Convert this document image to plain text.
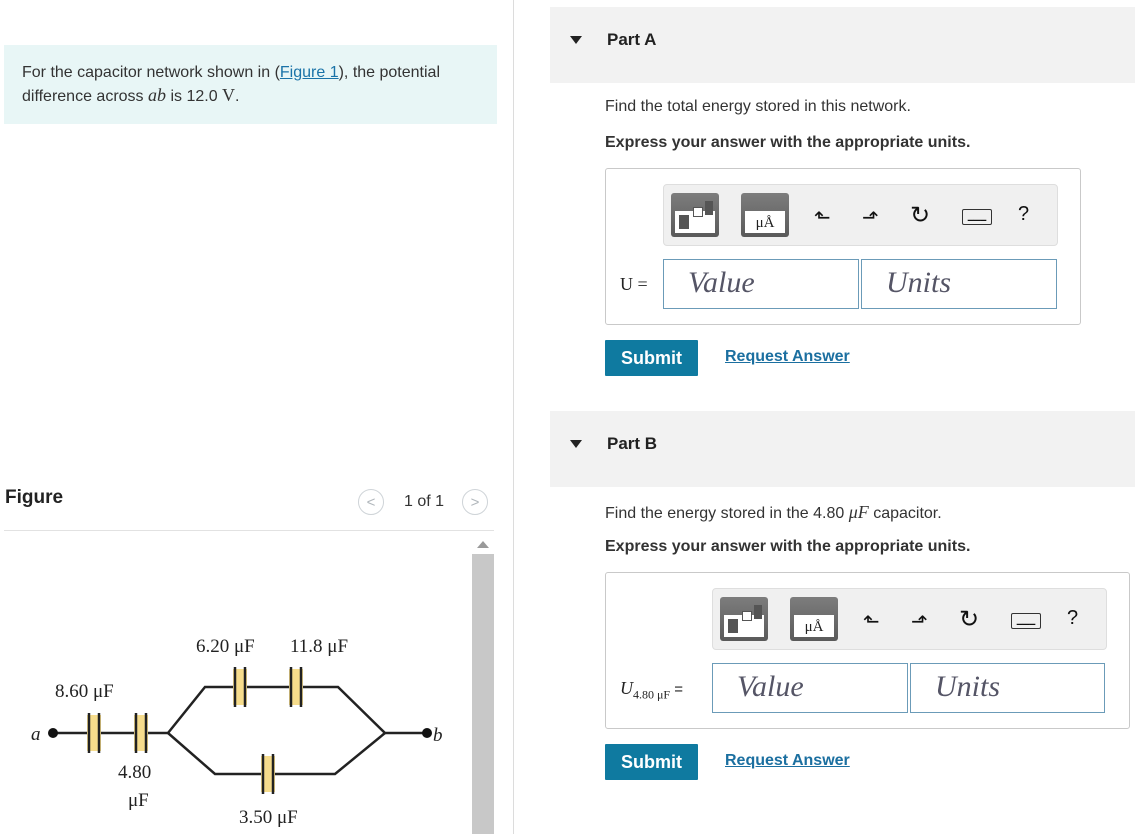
For the capacitor network shown in (Figure 1), the potential difference across ab is 12.0 V.
Figure	< 1 of 1 >
a	b
8.60 μF
6.20 μF 11.8 μF
4.80
μF
3.50 μF
Part A
Find the total energy stored in this network.
Express your answer with the appropriate units.
μÅ	⬑ ⬏ ↻	▁▁▁ ?
U =	Value	Units
Submit	Request Answer
Part B
Find the energy stored in the 4.80 μF capacitor.
Express your answer with the appropriate units.
μÅ	⬑ ⬏ ↻	▁▁▁ ?
$U_{4.80 \mu F}$ =	Value	Units
Submit	Request Answer
